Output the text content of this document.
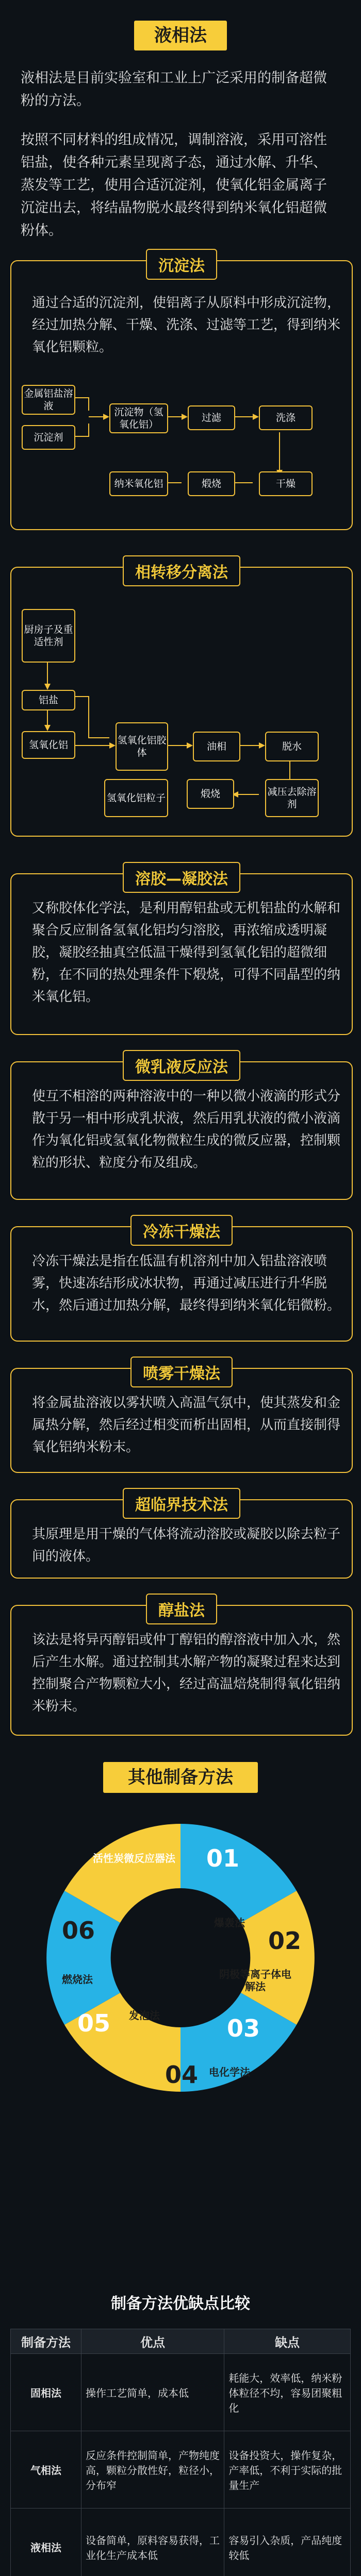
液相法
液相法是目前实验室和工业上广泛采用的制备超微粉的方法。
按照不同材料的组成情况，调制溶液，采用可溶性铝盐，使各种元素呈现离子态，通过水解、升华、蒸发等工艺，使用合适沉淀剂，使氧化铝金属离子沉淀出去，将结晶物脱水最终得到纳米氧化铝超微粉体。
沉淀法
通过合适的沉淀剂，使铝离子从原料中形成沉淀物，经过加热分解、干燥、洗涤、过滤等工艺，得到纳米氧化铝颗粒。
金属铝盐溶液
沉淀剂
沉淀物（氢氧化铝）
过滤	洗涤
纳米氧化铝	煅烧	干燥
相转移分离法
厨房子及重适性剂
铝盐
氢氧化铝	氢氧化铝胶体
油相
氢氧化铝粒子	煅烧
脱水
减压去除溶剂
溶胶—凝胶法
又称胶体化学法，是利用醇铝盐或无机铝盐的水解和聚合反应制备氢氧化铝均匀溶胶，再浓缩成透明凝胶，凝胶经抽真空低温干燥得到氢氧化铝的超微细粉，在不同的热处理条件下煅烧，可得不同晶型的纳米氧化铝。
微乳液反应法
使互不相溶的两种溶液中的一种以微小液滴的形式分散于另一相中形成乳状液，然后用乳状液的微小液滴作为氧化铝或氢氧化物微粒生成的微反应器，控制颗粒的形状、粒度分布及组成。
冷冻干燥法
冷冻干燥法是指在低温有机溶剂中加入铝盐溶液喷雾，快速冻结形成冰状物，再通过减压进行升华脱水，然后通过加热分解，最终得到纳米氧化铝微粉。
喷雾干燥法
将金属盐溶液以雾状喷入高温气氛中，使其蒸发和金属热分解，然后经过相变而析出固相，从而直接制得氧化铝纳米粉末。
超临界技术法
其原理是用干燥的气体将流动溶胶或凝胶以除去粒子间的液体。
醇盐法
该法是将异丙醇铝或仲丁醇铝的醇溶液中加入水，然后产生水解。通过控制其水解产物的凝聚过程来达到控制聚合产物颗粒大小，经过高温焙烧制得氧化铝纳米粉末。
其他制备方法
01
活性炭微反应器法
02
爆轰法
03
阴极等离子体电解法
04	电化学法
05	发泡法
06
燃烧法
制备方法优缺点比较
制备方法	优点	缺点
固相法	操作工艺简单，成本低	耗能大，效率低，纳米粉体粒径不均，容易团聚粗化
气相法	反应条件控制简单，产物纯度高，颗粒分散性好，粒径小，分布窄	设备投资大，操作复杂，产率低，不利于实际的批量生产
液相法	设备简单，原料容易获得，工业化生产成本低	容易引入杂质，产品纯度较低
